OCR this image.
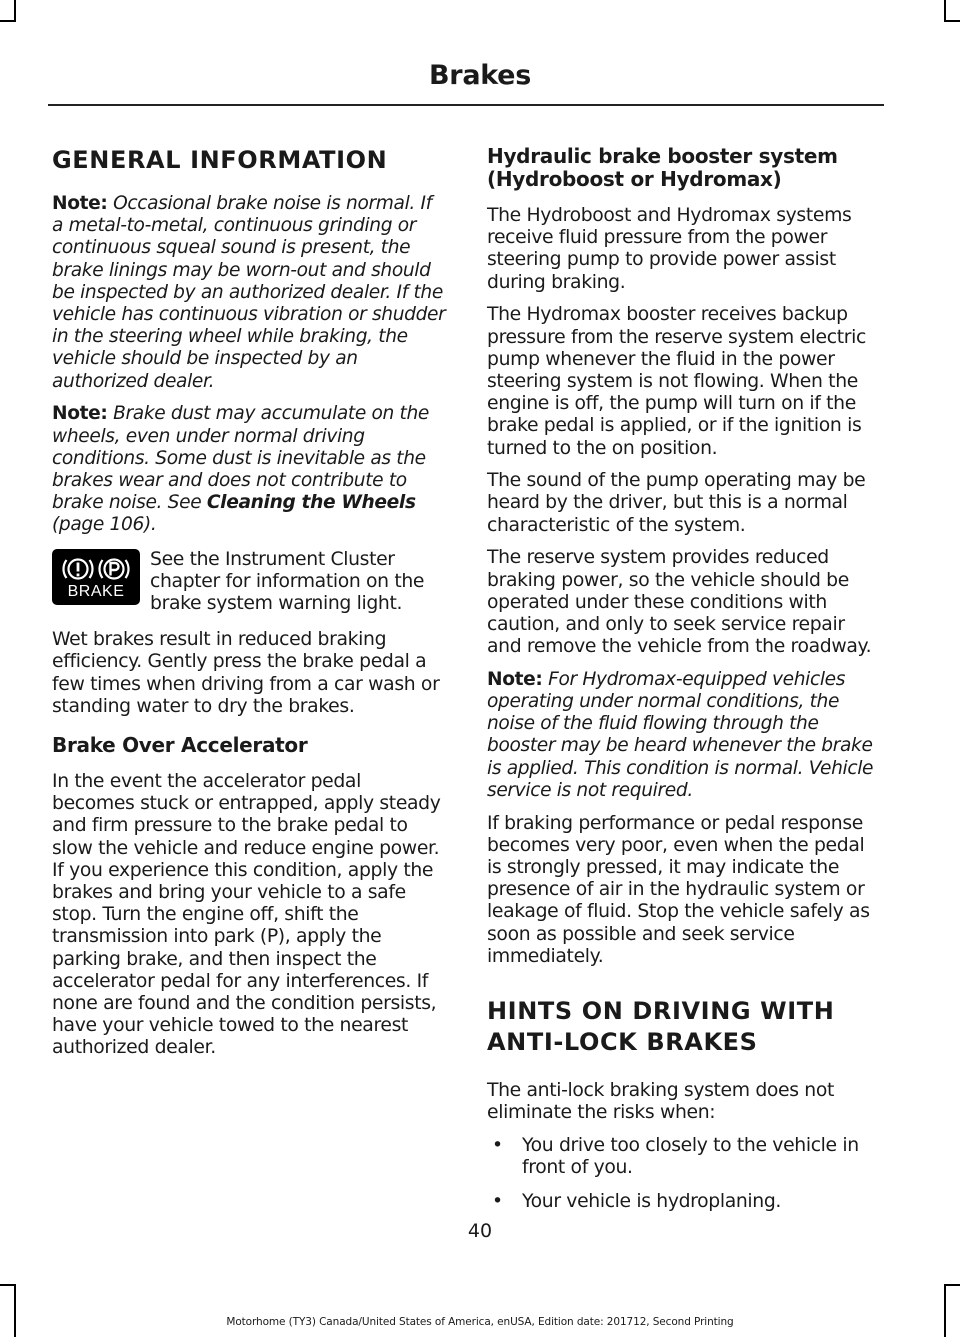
Brakes
GENERAL INFORMATION

Note: Occasional brake noise is normal. If a metal-to-metal, continuous grinding or continuous squeal sound is present, the brake linings may be worn-out and should be inspected by an authorized dealer. If the vehicle has continuous vibration or shudder in the steering wheel while braking, the vehicle should be inspected by an authorized dealer.

Note: Brake dust may accumulate on the wheels, even under normal driving conditions. Some dust is inevitable as the brakes wear and does not contribute to brake noise. See Cleaning the Wheels (page 106).

BRAKE

See the Instrument Cluster chapter for information on the brake system warning light.

Wet brakes result in reduced braking efficiency. Gently press the brake pedal a few times when driving from a car wash or standing water to dry the brakes.

Brake Over Accelerator

In the event the accelerator pedal becomes stuck or entrapped, apply steady and firm pressure to the brake pedal to slow the vehicle and reduce engine power. If you experience this condition, apply the brakes and bring your vehicle to a safe stop. Turn the engine off, shift the transmission into park (P), apply the parking brake, and then inspect the accelerator pedal for any interferences. If none are found and the condition persists, have your vehicle towed to the nearest authorized dealer.

Hydraulic brake booster system (Hydroboost or Hydromax)

The Hydroboost and Hydromax systems receive fluid pressure from the power steering pump to provide power assist during braking.

The Hydromax booster receives backup pressure from the reserve system electric pump whenever the fluid in the power steering system is not flowing. When the engine is off, the pump will turn on if the brake pedal is applied, or if the ignition is turned to the on position.

The sound of the pump operating may be heard by the driver, but this is a normal characteristic of the system.

The reserve system provides reduced braking power, so the vehicle should be operated under these conditions with caution, and only to seek service repair and remove the vehicle from the roadway.

Note: For Hydromax-equipped vehicles operating under normal conditions, the noise of the fluid flowing through the booster may be heard whenever the brake is applied. This condition is normal. Vehicle service is not required.

If braking performance or pedal response becomes very poor, even when the pedal is strongly pressed, it may indicate the presence of air in the hydraulic system or leakage of fluid. Stop the vehicle safely as soon as possible and seek service immediately.

HINTS ON DRIVING WITH
ANTI-LOCK BRAKES

The anti-lock braking system does not eliminate the risks when:

• You drive too closely to the vehicle in front of you.
• Your vehicle is hydroplaning.
40
Motorhome (TY3) Canada/United States of America, enUSA, Edition date: 201712, Second Printing
